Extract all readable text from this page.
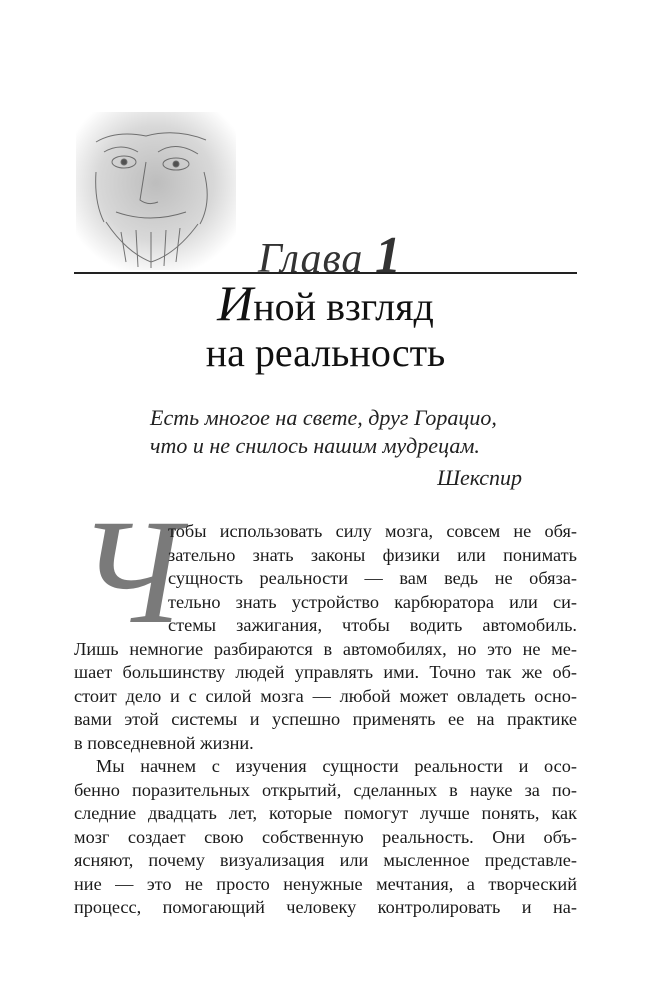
Глава 1
Иной взгляд
на реальность
Есть многое на свете, друг Горацио,
что и не снилось нашим мудрецам.
Шекспир
Ч
тобы использовать силу мозга, совсем не обя-
зательно знать законы физики или понимать
сущность реальности — вам ведь не обяза-
тельно знать устройство карбюратора или си-
стемы зажигания, чтобы водить автомобиль.
Лишь немногие разбираются в автомобилях, но это не ме-
шает большинству людей управлять ими. Точно так же об-
стоит дело и с силой мозга — любой может овладеть осно-
вами этой системы и успешно применять ее на практике
в повседневной жизни.
Мы начнем с изучения сущности реальности и осо-
бенно поразительных открытий, сделанных в науке за по-
следние двадцать лет, которые помогут лучше понять, как
мозг создает свою собственную реальность. Они объ-
ясняют, почему визуализация или мысленное представле-
ние — это не просто ненужные мечтания, а творческий
процесс, помогающий человеку контролировать и на-
